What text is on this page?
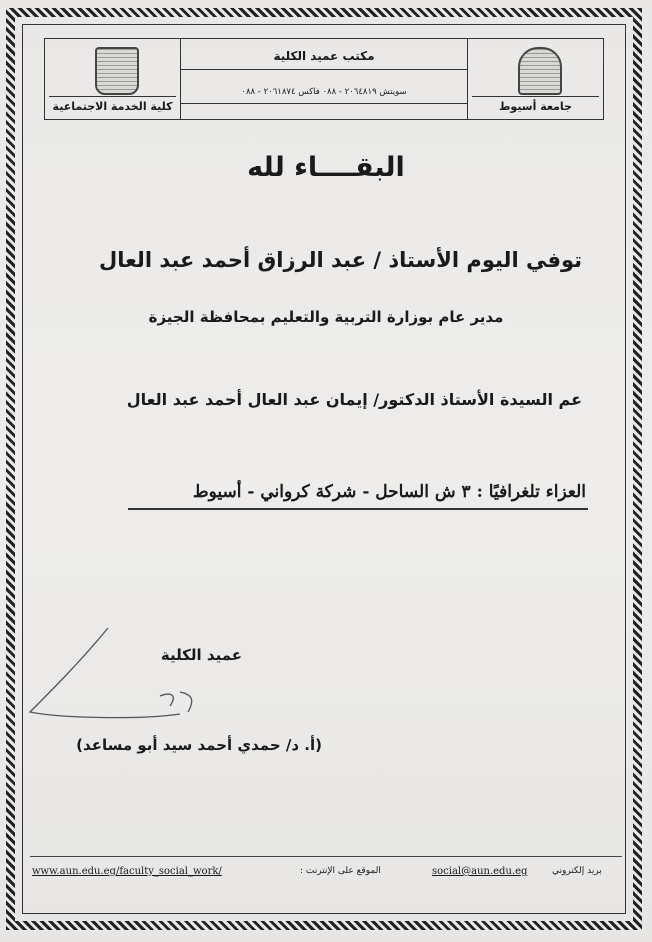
كلية الخدمة الاجتماعية
مكتب عميد الكلية
سويتش ٢٠٦٤٨١٩ - ٠٨٨ فاكس ٢٠٦١٨٧٤ - ٠٨٨
جامعة أسيوط
البقــــاء لله
توفي اليوم الأستاذ / عبد الرزاق أحمد عبد العال
مدير عام بوزارة التربية والتعليم بمحافظة الجيزة
عم السيدة الأستاذ الدكتور/ إيمان عبد العال أحمد عبد العال
العزاء تلغرافيًا : ٣ ش الساحل - شركة كرواني - أسيوط
عميد الكلية
(أ. د/ حمدي أحمد سيد أبو مساعد)
www.aun.edu.eg/faculty_social_work/	الموقع على الإنترنت :	social@aun.edu.eg	بريد إلكتروني
